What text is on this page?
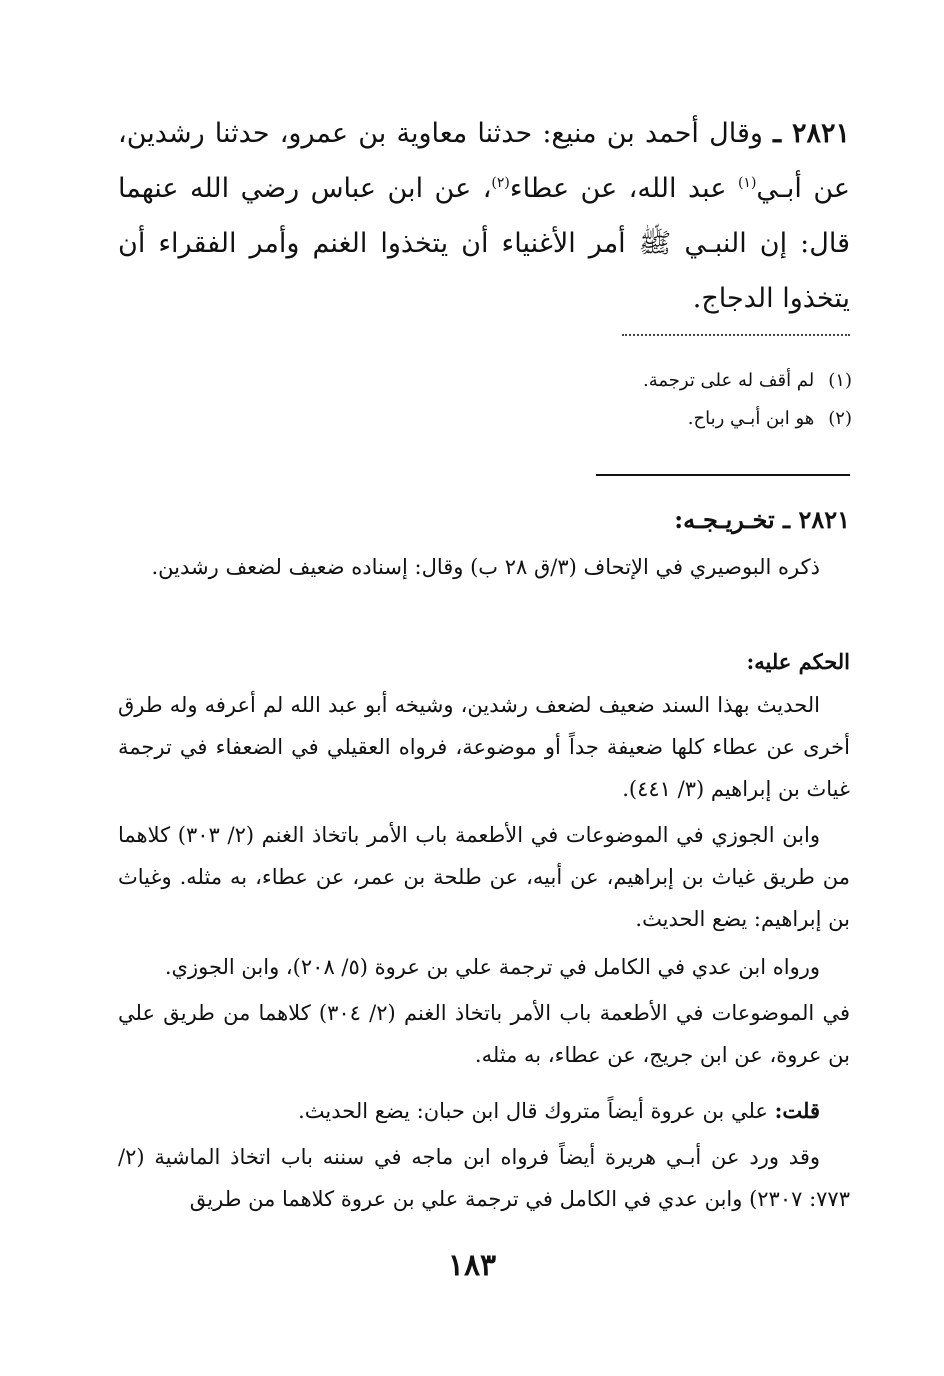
٢٨٢١ ـ وقال أحمد بن منيع: حدثنا معاوية بن عمرو، حدثنا رشدين، عن أبـي$^{(١)}$ عبد الله، عن عطاء$^{(٢)}$، عن ابن عباس رضي الله عنهما قال: إن النبـي ﷺ أمر الأغنياء أن يتخذوا الغنم وأمر الفقراء أن يتخذوا الدجاج.
(١)لم أقف له على ترجمة.
(٢)هو ابن أبـي رباح.
٢٨٢١ ـ تخـريـجـه:
ذكره البوصيري في الإتحاف (٣/ق ٢٨ ب) وقال: إسناده ضعيف لضعف رشدين.
الحكم عليه:
الحديث بهذا السند ضعيف لضعف رشدين، وشيخه أبو عبد الله لم أعرفه وله طرق أخرى عن عطاء كلها ضعيفة جداً أو موضوعة، فرواه العقيلي في الضعفاء في ترجمة غياث بن إبراهيم (٣/ ٤٤١).
وابن الجوزي في الموضوعات في الأطعمة باب الأمر باتخاذ الغنم (٢/ ٣٠٣) كلاهما من طريق غياث بن إبراهيم، عن أبيه، عن طلحة بن عمر، عن عطاء، به مثله. وغياث بن إبراهيم: يضع الحديث.
ورواه ابن عدي في الكامل في ترجمة علي بن عروة (٥/ ٢٠٨)، وابن الجوزي.
في الموضوعات في الأطعمة باب الأمر باتخاذ الغنم (٢/ ٣٠٤) كلاهما من طريق علي بن عروة، عن ابن جريج، عن عطاء، به مثله.
قلت: علي بن عروة أيضاً متروك قال ابن حبان: يضع الحديث.
وقد ورد عن أبـي هريرة أيضاً فرواه ابن ماجه في سننه باب اتخاذ الماشية (٢/ ٧٧٣: ٢٣٠٧) وابن عدي في الكامل في ترجمة علي بن عروة كلاهما من طريق
١٨٣
